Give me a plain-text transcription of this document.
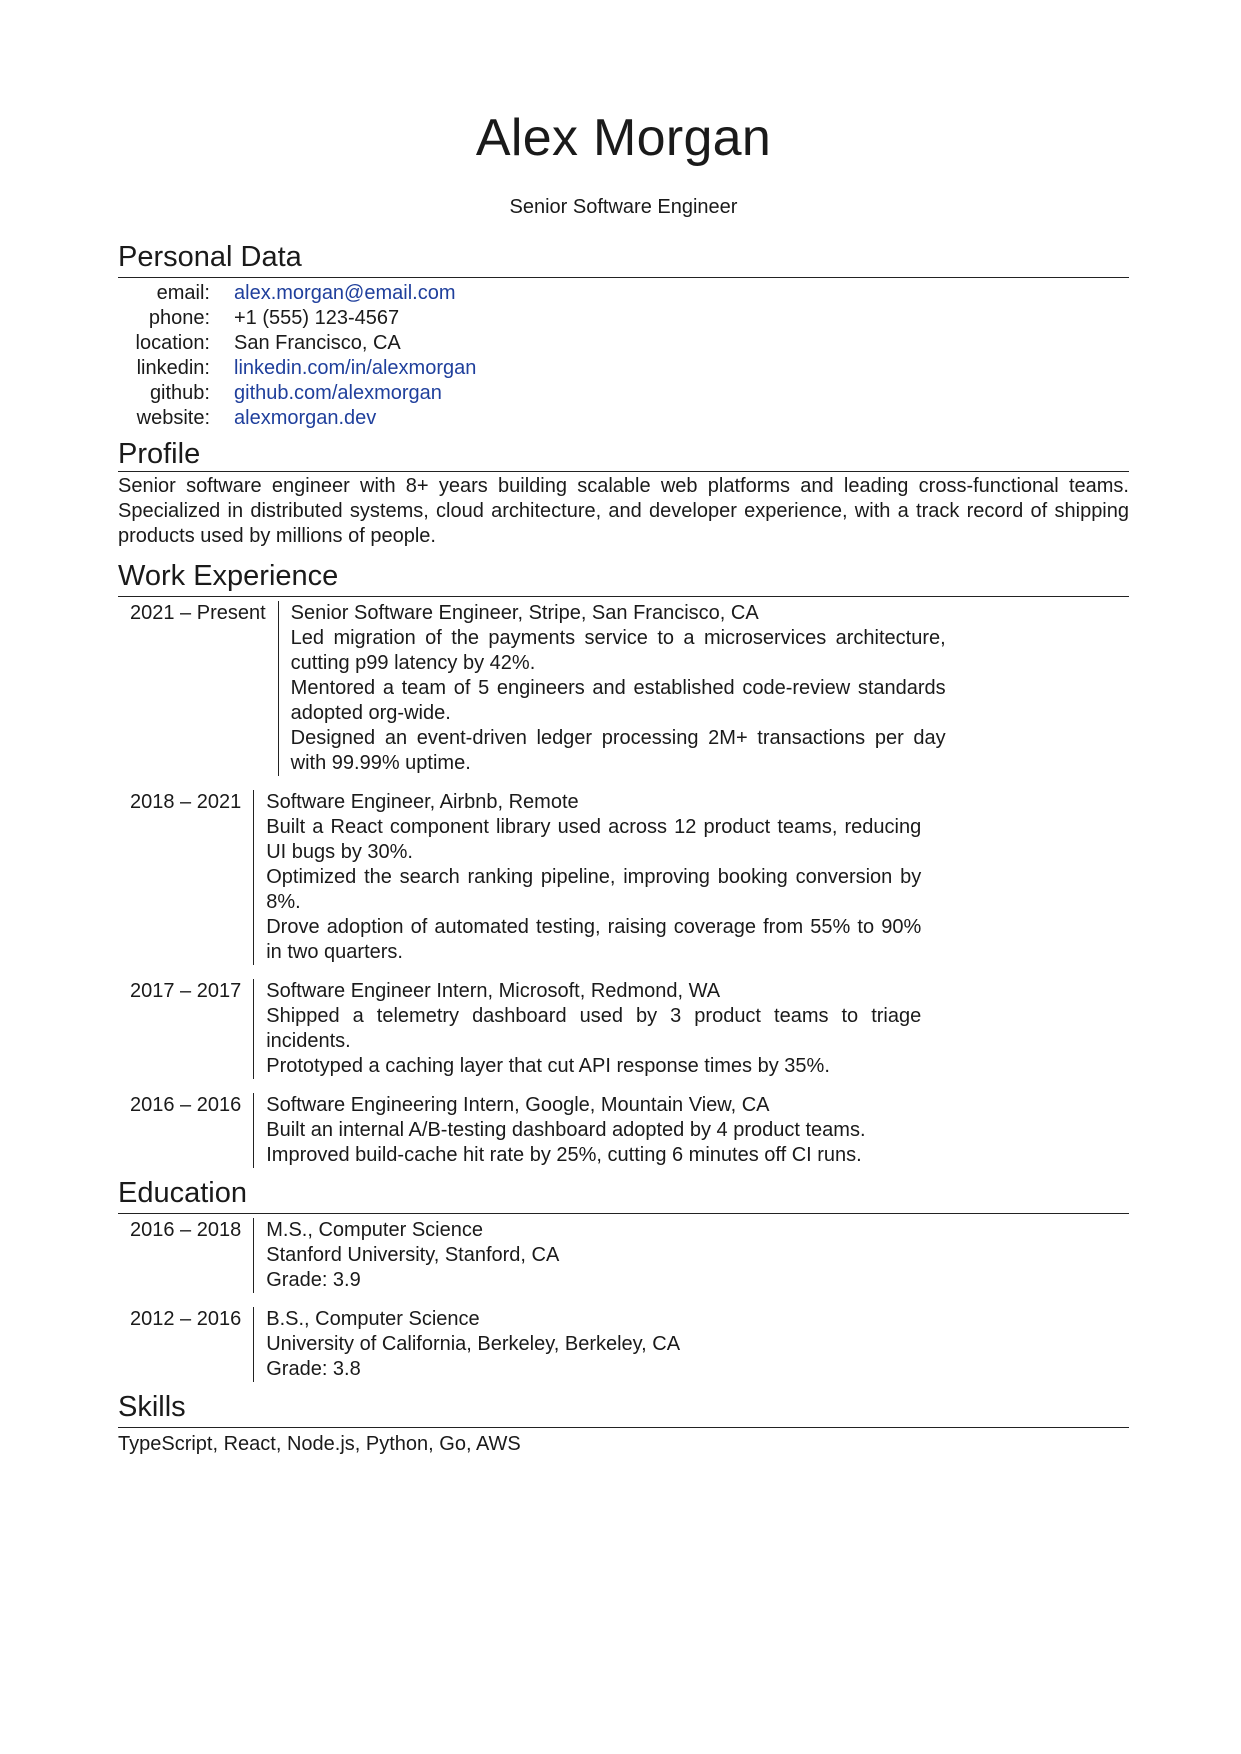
Alex Morgan
Senior Software Engineer
Personal Data
email:	alex.morgan@email.com
phone:	+1 (555) 123-4567
location:	San Francisco, CA
linkedin:	linkedin.com/in/alexmorgan
github:	github.com/alexmorgan
website:	alexmorgan.dev
Profile
Senior software engineer with 8+ years building scalable web platforms and leading cross-functional teams. Specialized in distributed systems, cloud architecture, and developer experience, with a track record of shipping products used by millions of people.
Work Experience
2021 – Present	Senior Software Engineer, Stripe, San Francisco, CA
Led migration of the payments service to a microservices architecture, cutting p99 latency by 42%.
Mentored a team of 5 engineers and established code-review standards adopted org-wide.
Designed an event-driven ledger processing 2M+ transactions per day with 99.99% uptime.
2018 – 2021	Software Engineer, Airbnb, Remote
Built a React component library used across 12 product teams, reducing UI bugs by 30%.
Optimized the search ranking pipeline, improving booking conversion by 8%.
Drove adoption of automated testing, raising coverage from 55% to 90% in two quarters.
2017 – 2017	Software Engineer Intern, Microsoft, Redmond, WA
Shipped a telemetry dashboard used by 3 product teams to triage incidents.
Prototyped a caching layer that cut API response times by 35%.
2016 – 2016	Software Engineering Intern, Google, Mountain View, CA
Built an internal A/B-testing dashboard adopted by 4 product teams.
Improved build-cache hit rate by 25%, cutting 6 minutes off CI runs.
Education
2016 – 2018	M.S., Computer Science
Stanford University, Stanford, CA
Grade: 3.9
2012 – 2016	B.S., Computer Science
University of California, Berkeley, Berkeley, CA
Grade: 3.8
Skills
TypeScript, React, Node.js, Python, Go, AWS
